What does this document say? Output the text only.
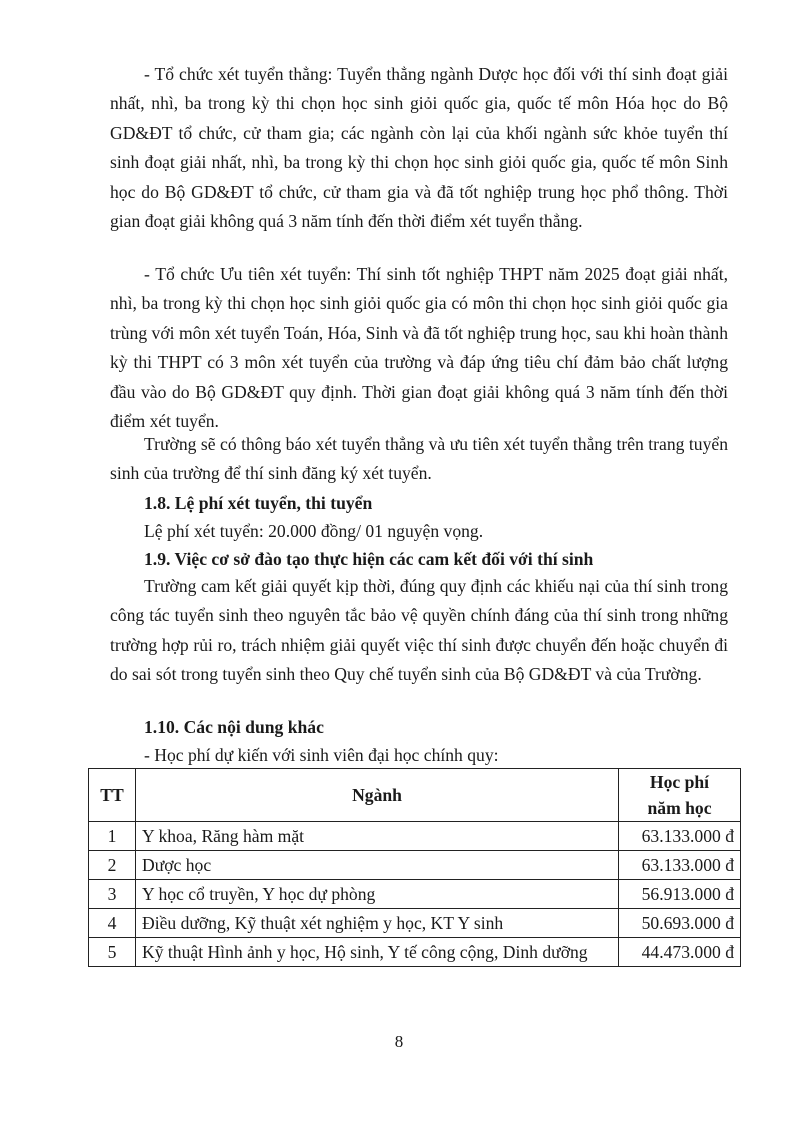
- Tổ chức xét tuyển thẳng: Tuyển thẳng ngành Dược học đối với thí sinh đoạt giải nhất, nhì, ba trong kỳ thi chọn học sinh giỏi quốc gia, quốc tế môn Hóa học do Bộ GD&ĐT tổ chức, cử tham gia; các ngành còn lại của khối ngành sức khỏe tuyển thí sinh đoạt giải nhất, nhì, ba trong kỳ thi chọn học sinh giỏi quốc gia, quốc tế môn Sinh học do Bộ GD&ĐT tổ chức, cử tham gia và đã tốt nghiệp trung học phổ thông. Thời gian đoạt giải không quá 3 năm tính đến thời điểm xét tuyển thẳng.

- Tổ chức Ưu tiên xét tuyển: Thí sinh tốt nghiệp THPT năm 2025 đoạt giải nhất, nhì, ba trong kỳ thi chọn học sinh giỏi quốc gia có môn thi chọn học sinh giỏi quốc gia trùng với môn xét tuyển Toán, Hóa, Sinh và đã tốt nghiệp trung học, sau khi hoàn thành kỳ thi THPT có 3 môn xét tuyển của trường và đáp ứng tiêu chí đảm bảo chất lượng đầu vào do Bộ GD&ĐT quy định. Thời gian đoạt giải không quá 3 năm tính đến thời điểm xét tuyển.

Trường sẽ có thông báo xét tuyển thẳng và ưu tiên xét tuyển thẳng trên trang tuyển sinh của trường để thí sinh đăng ký xét tuyển.

1.8. Lệ phí xét tuyển, thi tuyển

Lệ phí xét tuyển: 20.000 đồng/ 01 nguyện vọng.

1.9. Việc cơ sở đào tạo thực hiện các cam kết đối với thí sinh

Trường cam kết giải quyết kịp thời, đúng quy định các khiếu nại của thí sinh trong công tác tuyển sinh theo nguyên tắc bảo vệ quyền chính đáng của thí sinh trong những trường hợp rủi ro, trách nhiệm giải quyết việc thí sinh được chuyển đến hoặc chuyển đi do sai sót trong tuyển sinh theo Quy chế tuyển sinh của Bộ GD&ĐT và của Trường.

1.10. Các nội dung khác

- Học phí dự kiến với sinh viên đại học chính quy:

TT	Ngành	Học phí
năm học

1	Y khoa, Răng hàm mặt	63.133.000 đ
2	Dược học	63.133.000 đ
3	Y học cổ truyền, Y học dự phòng	56.913.000 đ
4	Điều dưỡng, Kỹ thuật xét nghiệm y học, KT Y sinh	50.693.000 đ
5	Kỹ thuật Hình ảnh y học, Hộ sinh, Y tế công cộng, Dinh dưỡng	44.473.000 đ
8
